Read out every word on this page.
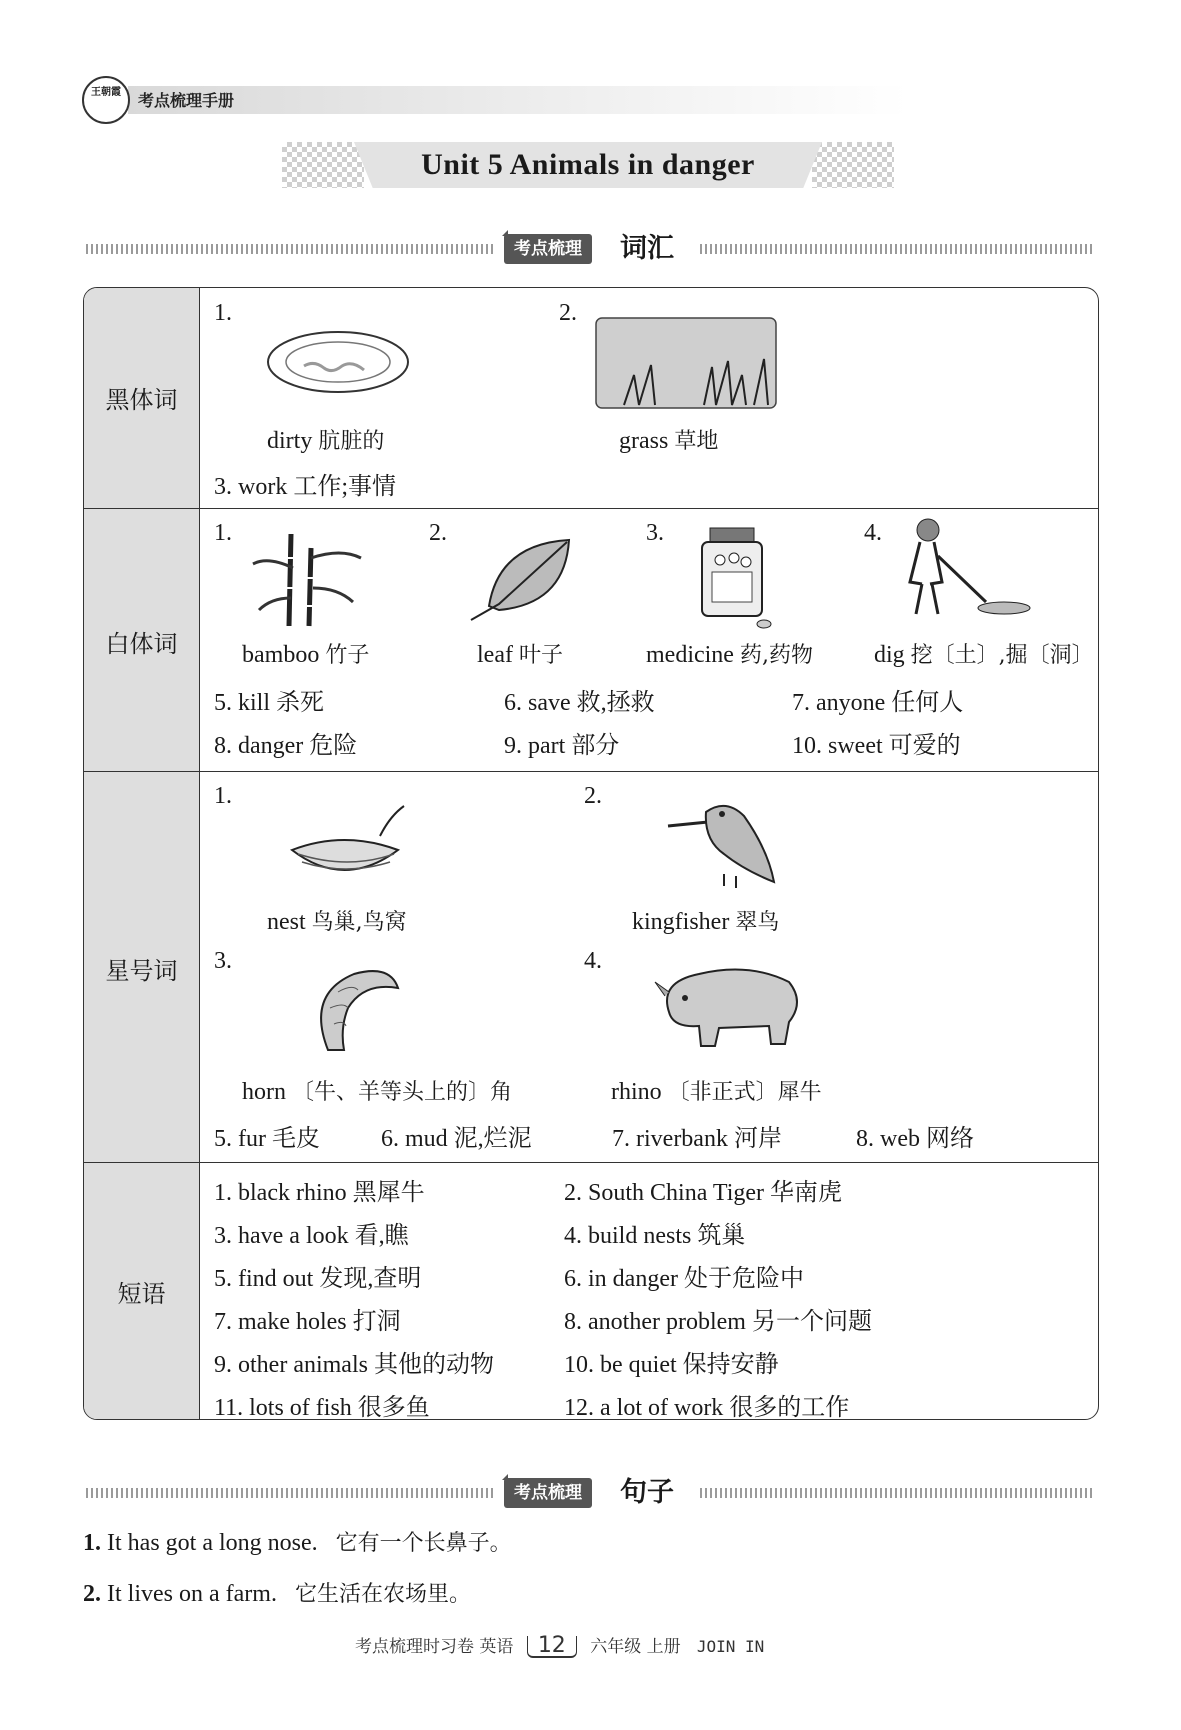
王朝霞	考点梳理手册
Unit 5 Animals in danger
考点梳理	词汇
黑体词
1.
dirty 肮脏的
2.
grass 草地
3. work 工作;事情
白体词
1.
bamboo 竹子
2.
leaf 叶子
3.
medicine 药,药物
4.
dig 挖〔土〕,掘〔洞〕
5. kill 杀死	6. save 救,拯救	7. anyone 任何人
8. danger 危险	9. part 部分	10. sweet 可爱的
星号词
1.
nest 鸟巢,鸟窝
2.
kingfisher 翠鸟
3.
horn 〔牛、羊等头上的〕角
4.
rhino 〔非正式〕犀牛
5. fur 毛皮	6. mud 泥,烂泥	7. riverbank 河岸	8. web 网络
短语
1. black rhino 黑犀牛	2. South China Tiger 华南虎
3. have a look 看,瞧	4. build nests 筑巢
5. find out 发现,查明	6. in danger 处于危险中
7. make holes 打洞	8. another problem 另一个问题
9. other animals 其他的动物	10. be quiet 保持安静
11. lots of fish 很多鱼	12. a lot of work 很多的工作
考点梳理	句子
1. It has got a long nose. 它有一个长鼻子。
2. It lives on a farm. 它生活在农场里。
考点梳理时习卷 英语 12 六年级 上册 JOIN IN
